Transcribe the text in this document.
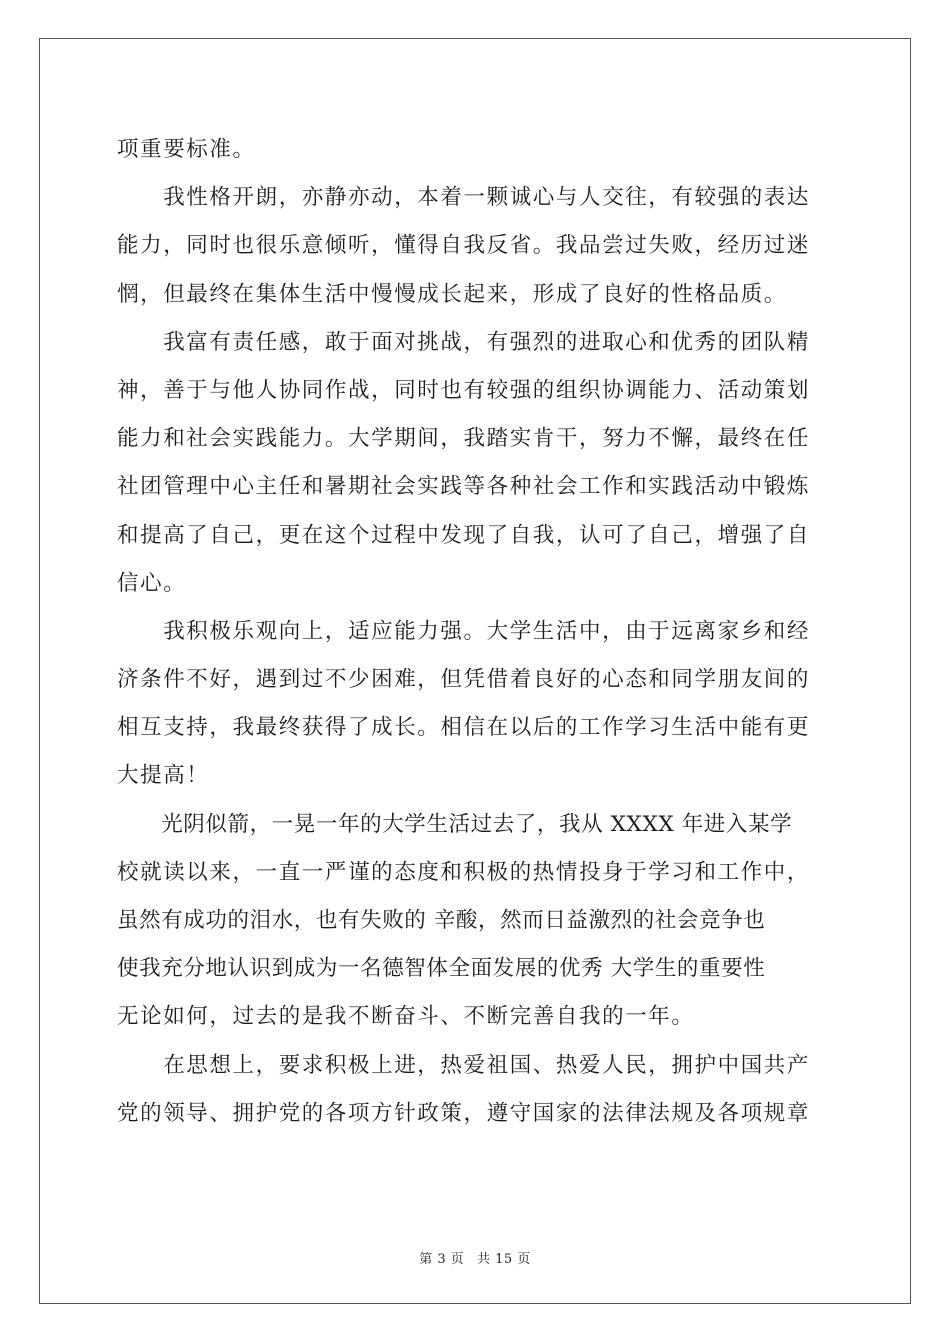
项重要标准。
　　我性格开朗，亦静亦动，本着一颗诚心与人交往，有较强的表达
能力，同时也很乐意倾听，懂得自我反省。我品尝过失败，经历过迷
惘，但最终在集体生活中慢慢成长起来，形成了良好的性格品质。
　　我富有责任感，敢于面对挑战，有强烈的进取心和优秀的团队精
神，善于与他人协同作战，同时也有较强的组织协调能力、活动策划
能力和社会实践能力。大学期间，我踏实肯干，努力不懈，最终在任
社团管理中心主任和暑期社会实践等各种社会工作和实践活动中锻炼
和提高了自己，更在这个过程中发现了自我，认可了自己，增强了自
信心。
　　我积极乐观向上，适应能力强。大学生活中，由于远离家乡和经
济条件不好，遇到过不少困难，但凭借着良好的心态和同学朋友间的
相互支持，我最终获得了成长。相信在以后的工作学习生活中能有更
大提高！
　　光阴似箭，一晃一年的大学生活过去了，我从 XXXX 年进入某学
校就读以来，一直一严谨的态度和积极的热情投身于学习和工作中，
虽然有成功的泪水，也有失败的 辛酸，然而日益激烈的社会竞争也
使我充分地认识到成为一名德智体全面发展的优秀 大学生的重要性
无论如何，过去的是我不断奋斗、不断完善自我的一年。
　　在思想上，要求积极上进，热爱祖国、热爱人民，拥护中国共产
党的领导、拥护党的各项方针政策，遵守国家的法律法规及各项规章
第 3 页 共 15 页
